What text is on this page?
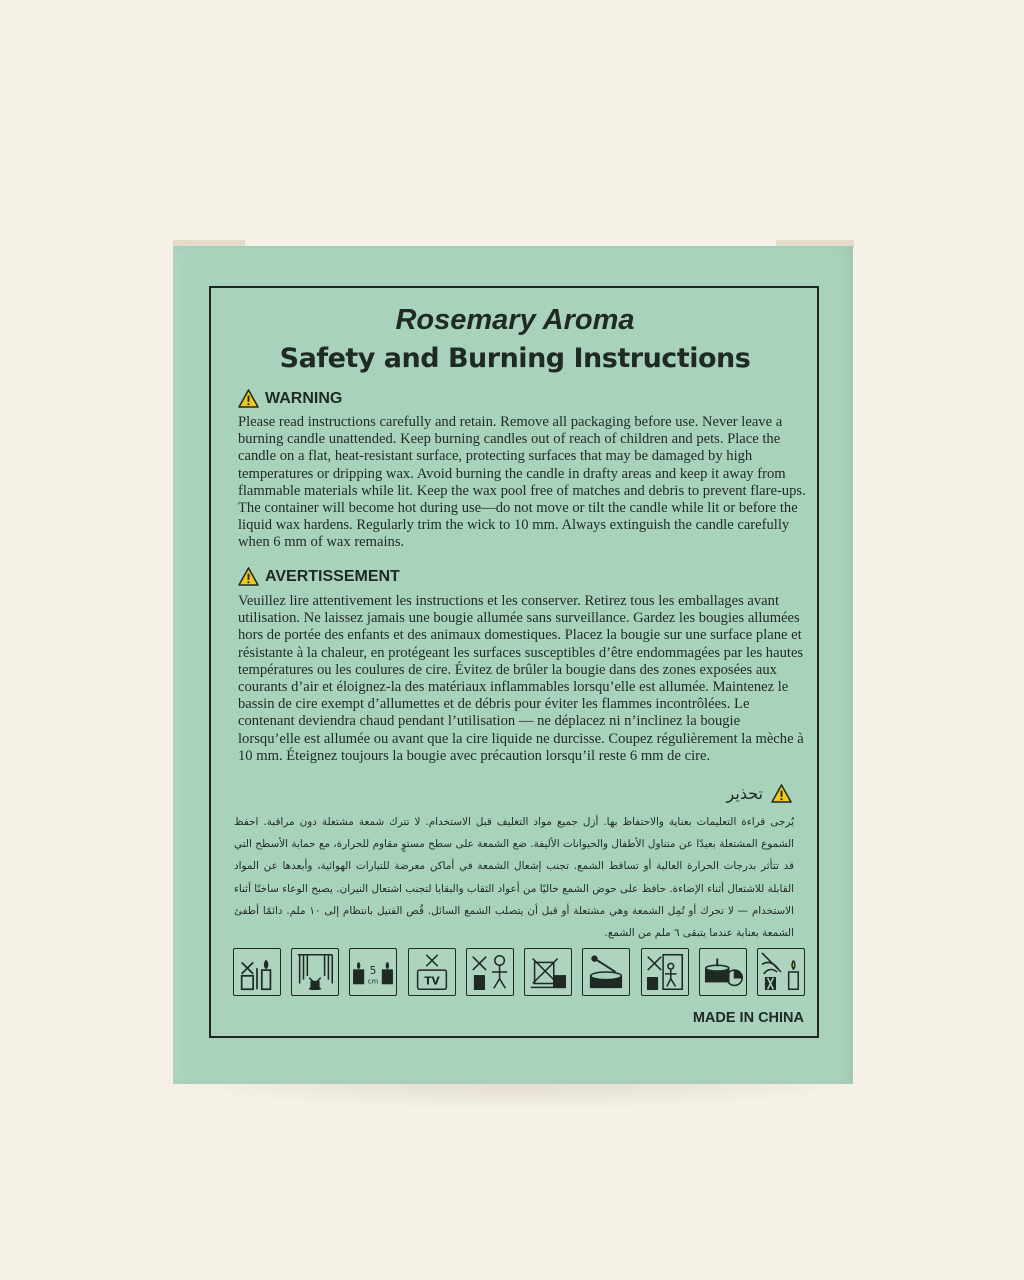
Rosemary Aroma
Safety and Burning Instructions
WARNING

Please read instructions carefully and retain. Remove all packaging before use. Never leave a burning candle unattended. Keep burning candles out of reach of children and pets. Place the candle on a flat, heat-resistant surface, protecting surfaces that may be damaged by high temperatures or dripping wax. Avoid burning the candle in drafty areas and keep it away from flammable materials while lit. Keep the wax pool free of matches and debris to prevent flare-ups. The container will become hot during use—do not move or tilt the candle while lit or before the liquid wax hardens. Regularly trim the wick to 10 mm. Always extinguish the candle carefully when 6 mm of wax remains.

AVERTISSEMENT

Veuillez lire attentivement les instructions et les conserver. Retirez tous les emballages avant utilisation. Ne laissez jamais une bougie allumée sans surveillance. Gardez les bougies allumées hors de portée des enfants et des animaux domestiques. Placez la bougie sur une surface plane et résistante à la chaleur, en protégeant les surfaces susceptibles d’être endommagées par les hautes températures ou les coulures de cire. Évitez de brûler la bougie dans des zones exposées aux courants d’air et éloignez-la des matériaux inflammables lorsqu’elle est allumée. Maintenez le bassin de cire exempt d’allumettes et de débris pour éviter les flammes incontrôlées. Le contenant deviendra chaud pendant l’utilisation — ne déplacez ni n’inclinez la bougie lorsqu’elle est allumée ou avant que la cire liquide ne durcisse. Coupez régulièrement la mèche à 10 mm. Éteignez toujours la bougie avec précaution lorsqu’il reste 6 mm de cire.

تحذير

يُرجى قراءة التعليمات بعناية والاحتفاظ بها. أزل جميع مواد التغليف قبل الاستخدام. لا تترك شمعة مشتعلة دون مراقبة. احفظ الشموع المشتعلة بعيدًا عن متناول الأطفال والحيوانات الأليفة. ضع الشمعة على سطح مستوٍ مقاوم للحرارة، مع حماية الأسطح التي قد تتأثر بدرجات الحرارة العالية أو تساقط الشمع. تجنب إشعال الشمعة في أماكن معرضة للتيارات الهوائية، وأبعدها عن المواد القابلة للاشتعال أثناء الإضاءة. حافظ على حوض الشمع خاليًا من أعواد الثقاب والبقايا لتجنب اشتعال النيران. يصبح الوعاء ساخنًا أثناء الاستخدام — لا تحرك أو تُمِل الشمعة وهي مشتعلة أو قبل أن يتصلب الشمع السائل. قُص الفتيل بانتظام إلى ١٠ ملم. دائمًا أطفئ الشمعة بعناية عندما يتبقى ٦ ملم من الشمع.

5
cm	TV
MADE IN CHINA
